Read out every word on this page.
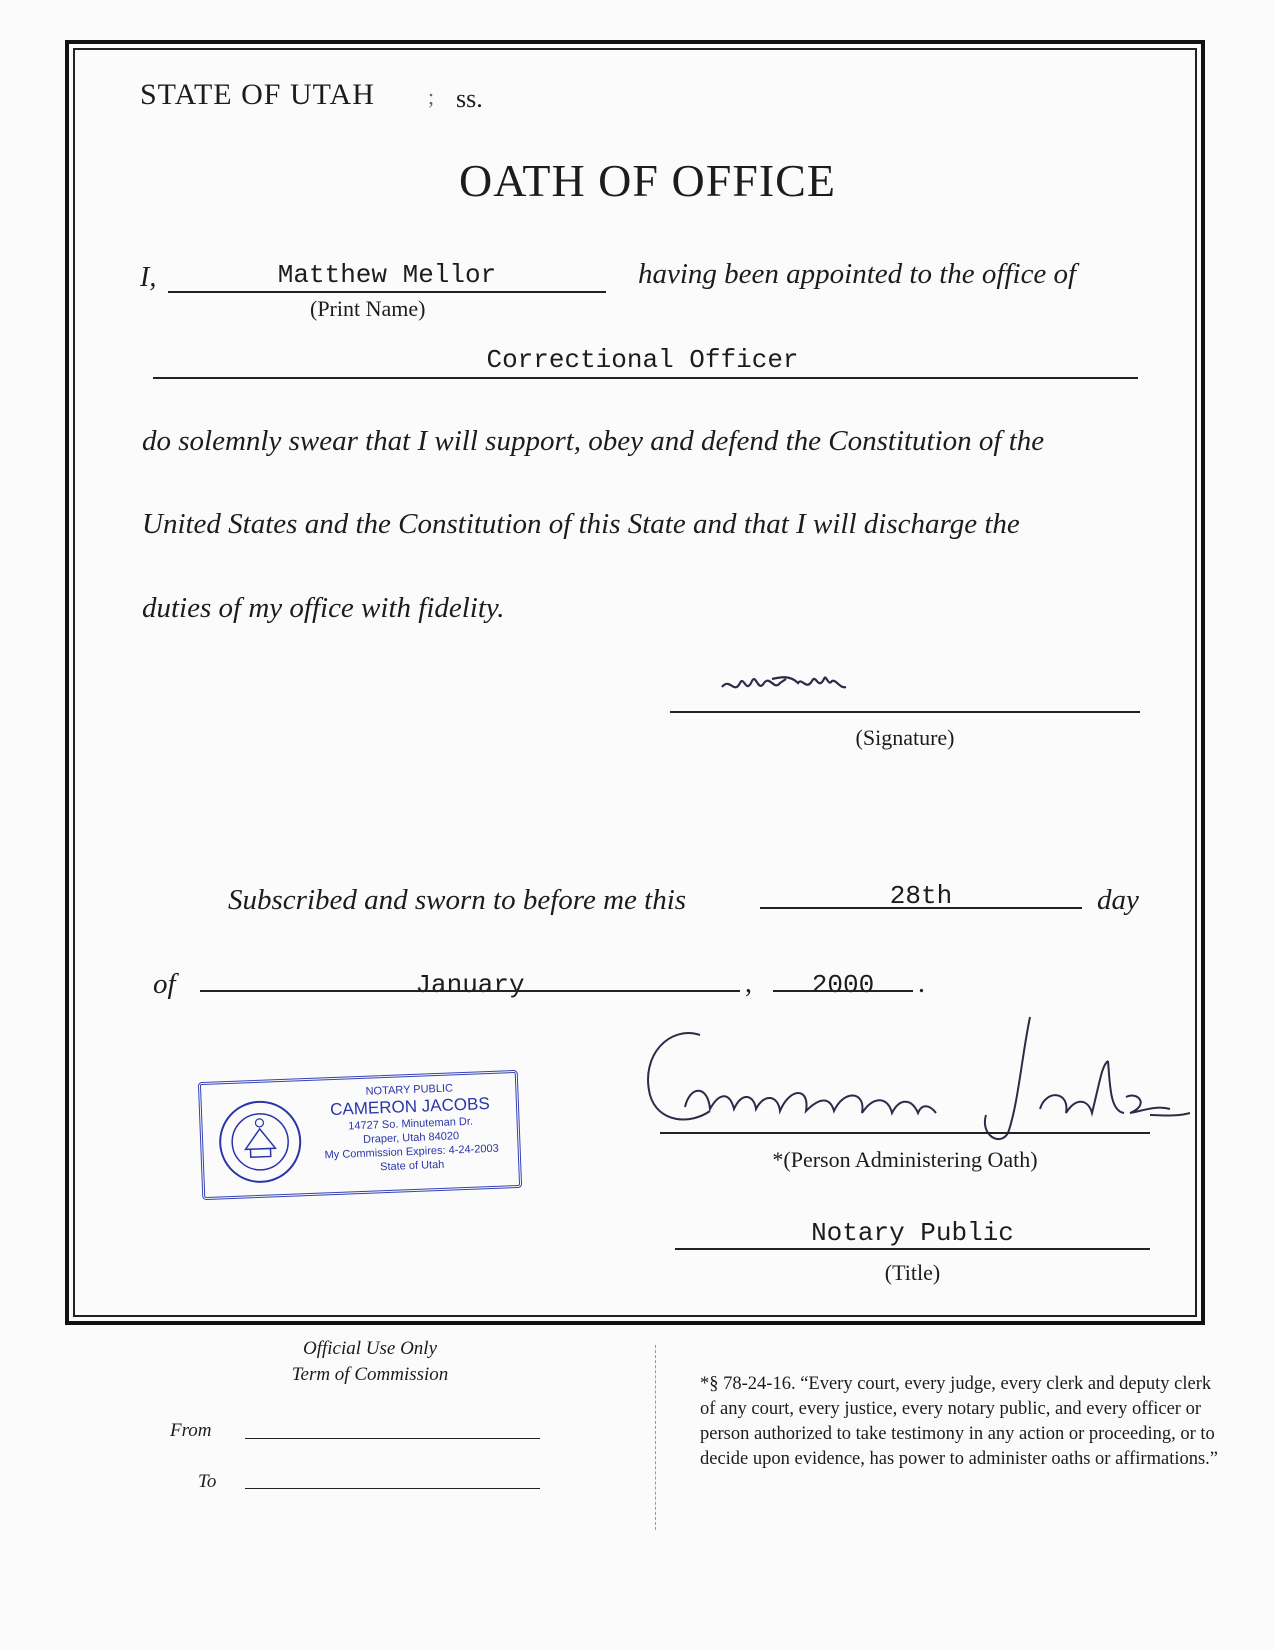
STATE OF UTAH ; ss.
OATH OF OFFICE
I,	Matthew Mellor	having been appointed to the office of
(Print Name)
Correctional Officer
do solemnly swear that I will support, obey and defend the Constitution of the
United States and the Constitution of this State and that I will discharge the
duties of my office with fidelity.
(Signature)
Subscribed and sworn to before me this	28th	day
of	January	,	2000	.
NOTARY PUBLIC
CAMERON JACOBS
14727 So. Minuteman Dr.
Draper, Utah 84020
My Commission Expires: 4-24-2003
State of Utah	*(Person Administering Oath)
Notary Public
(Title)
Official Use Only
Term of Commission
From
To
*§ 78-24-16. “Every court, every judge, every clerk and deputy clerk of any court, every justice, every notary public, and every officer or person authorized to take testimony in any action or proceeding, or to decide upon evidence, has power to administer oaths or affirmations.”
